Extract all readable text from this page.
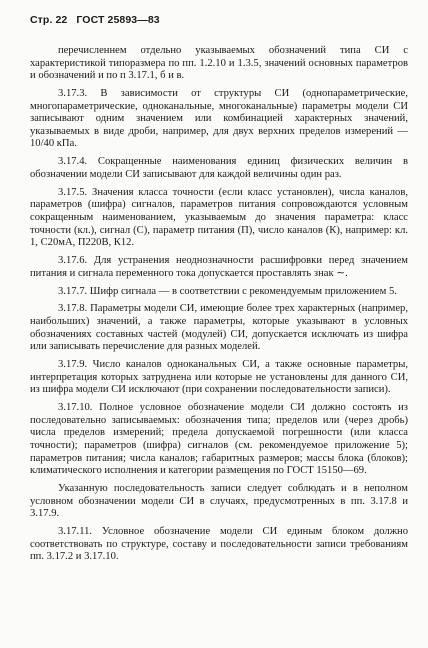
Стр. 22 ГОСТ 25893—83

перечисленнем отдельно указываемых обозначений типа СИ с характеристикой типоразмера по пп. 1.2.10 и 1.3.5, значений основных параметров и обозначений и по п 3.17.1, б и в.

3.17.3. В зависимости от структуры СИ (однопараметрические, многопараметрические, одноканальные, многоканальные) параметры модели СИ записывают одним значением или комбинацией характерных значений, указываемых в виде дроби, например, для двух верхних пределов измерений — 10/40 кПа.

3.17.4. Сокращенные наименования единиц физических величин в обозначении модели СИ записывают для каждой величины один раз.

3.17.5. Значения класса точности (если класс установлен), числа каналов, параметров (шифра) сигналов, параметров питания сопровождаются условным сокращенным наименованием, указываемым до значения параметра: класс точности (кл.), сигнал (С), параметр питания (П), число каналов (К), например: кл. 1, С20мА, П220В, К12.

3.17.6. Для устранения неоднозначности расшифровки перед значением питания и сигнала переменного тока допускается проставлять знак ∼.

3.17.7. Шифр сигнала — в соответствии с рекомендуемым приложением 5.

3.17.8. Параметры модели СИ, имеющие более трех характерных (например, наибольших) значений, а также параметры, которые указывают в условных обозначениях составных частей (модулей) СИ, допускается исключать из шифра или записывать перечисление для разных моделей.

3.17.9. Число каналов одноканальных СИ, а также основные параметры, интерпретация которых затруднена или которые не установлены для данного СИ, из шифра модели СИ исключают (при сохранении последовательности записи).

3.17.10. Полное условное обозначение модели СИ должно состоять из последовательно записываемых: обозначения типа; пределов или (через дробь) числа пределов измерений; предела допускаемой погрешности (или класса точности); параметров (шифра) сигналов (см. рекомендуемое приложение 5); параметров питания; числа каналов; габаритных размеров; массы блока (блоков); климатического исполнения и категории размещения по ГОСТ 15150—69.

Указанную последовательность записи следует соблюдать и в неполном условном обозначении модели СИ в случаях, предусмотренных в пп. 3.17.8 и 3.17.9.

3.17.11. Условное обозначение модели СИ единым блоком должно соответствовать по структуре, составу и последовательности записи требованиям пп. 3.17.2 и 3.17.10.
